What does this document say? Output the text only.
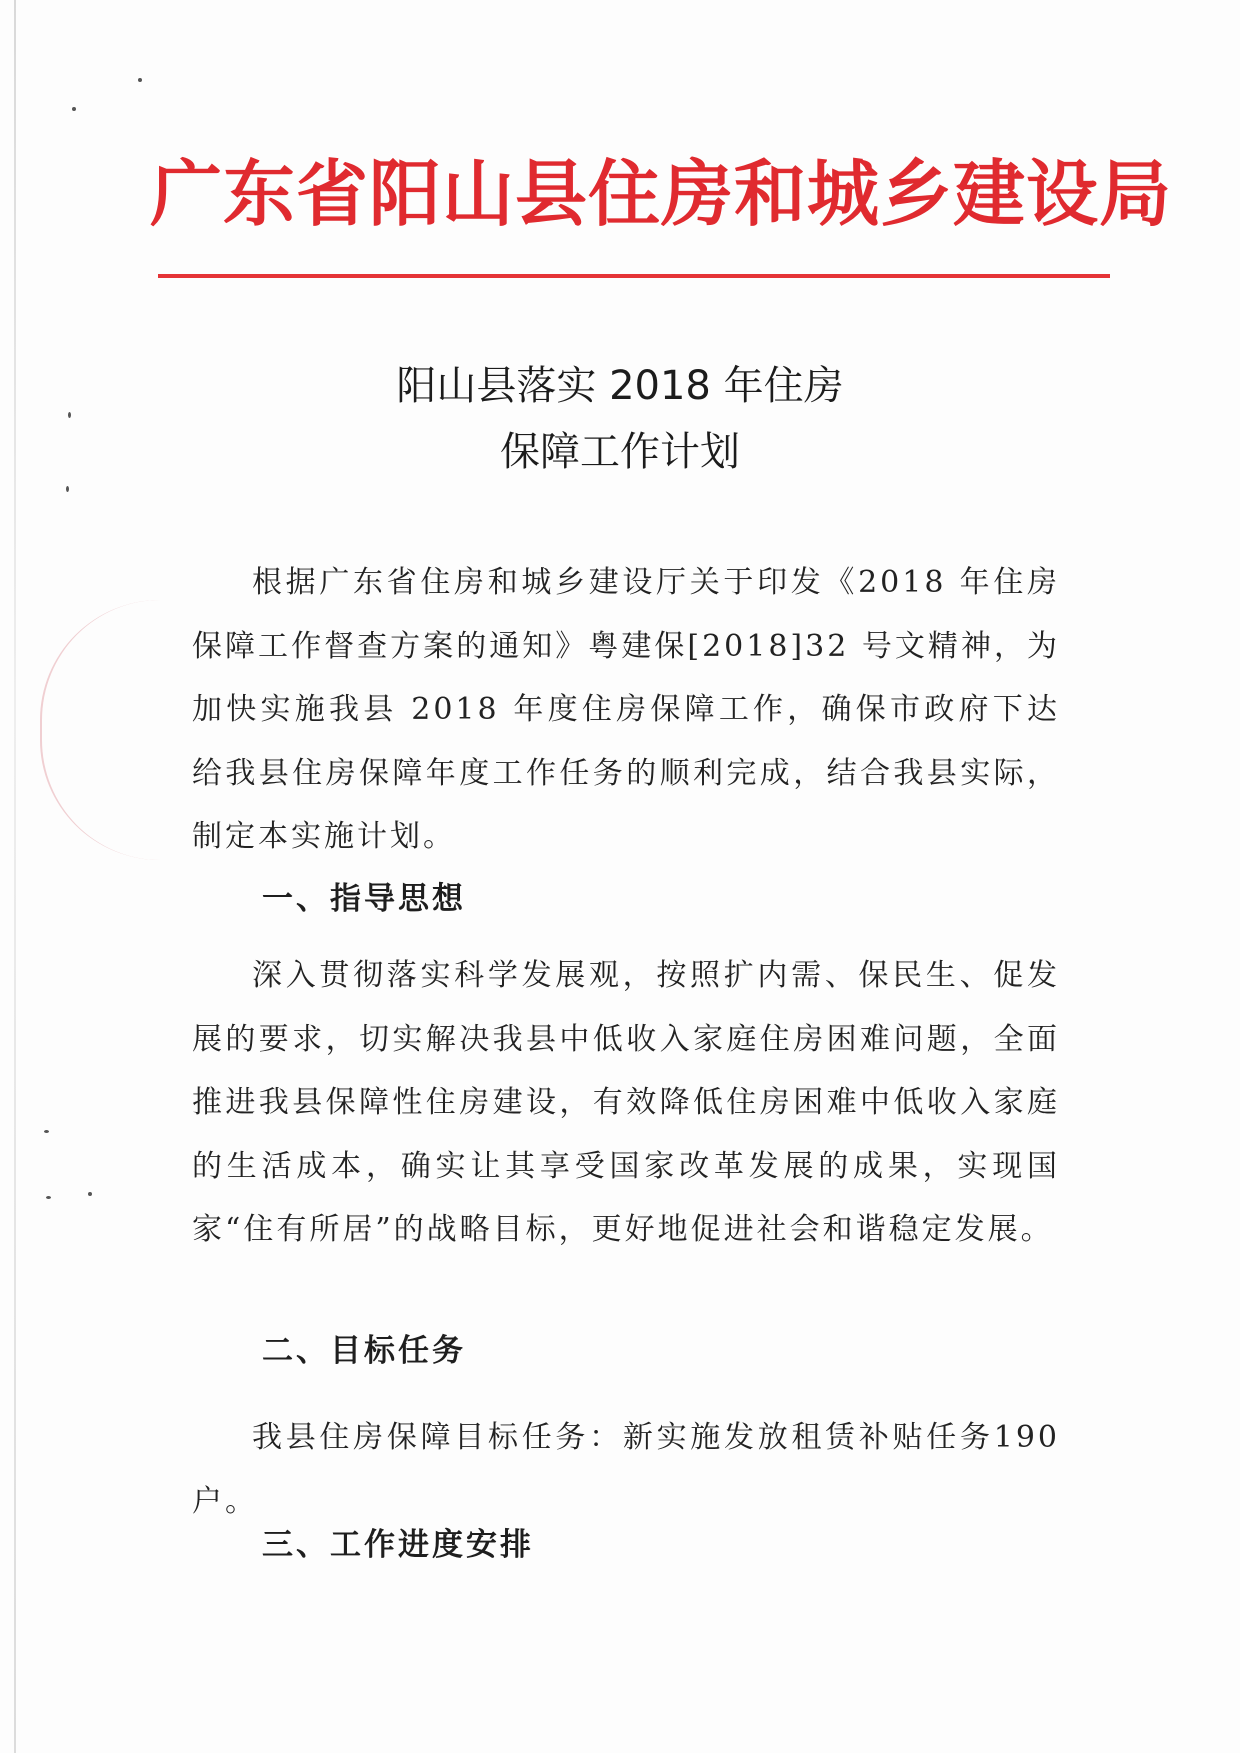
广东省阳山县住房和城乡建设局
阳山县落实 2018 年住房
保障工作计划
根据广东省住房和城乡建设厅关于印发《2018 年住房保障工作督查方案的通知》粤建保[2018]32 号文精神，为加快实施我县 2018 年度住房保障工作，确保市政府下达给我县住房保障年度工作任务的顺利完成，结合我县实际，制定本实施计划。
一、指导思想
深入贯彻落实科学发展观，按照扩内需、保民生、促发展的要求，切实解决我县中低收入家庭住房困难问题，全面推进我县保障性住房建设，有效降低住房困难中低收入家庭的生活成本，确实让其享受国家改革发展的成果，实现国家“住有所居”的战略目标，更好地促进社会和谐稳定发展。
二、目标任务
我县住房保障目标任务：新实施发放租赁补贴任务190 户。
三、工作进度安排
